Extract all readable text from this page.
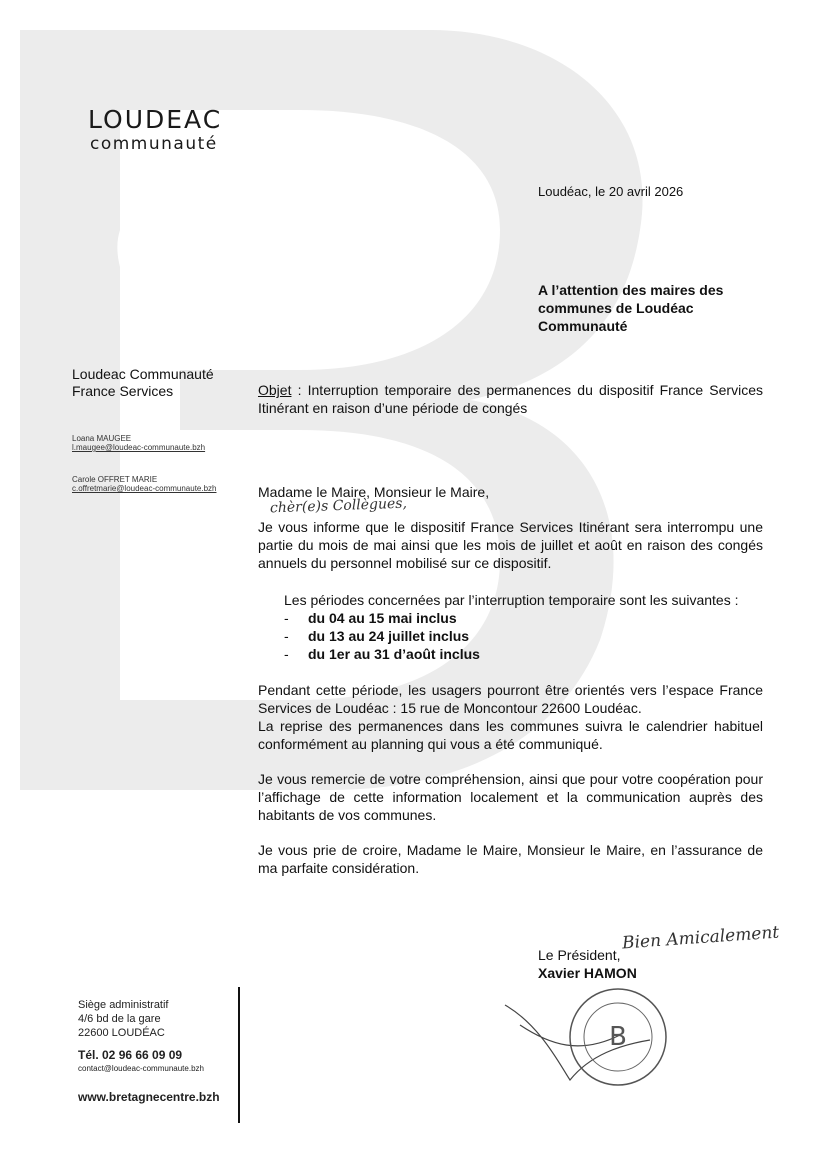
LOUDEAC
communauté
Loudéac, le 20 avril 2026
A l’attention des maires des
communes de Loudéac
Communauté
Loudeac Communauté
France Services
Loana MAUGEE
l.maugee@loudeac-communaute.bzh
Carole OFFRET MARIE
c.offretmarie@loudeac-communaute.bzh
Objet : Interruption temporaire des permanences du dispositif France Services Itinérant en raison d’une période de congés
Madame le Maire, Monsieur le Maire,
chèr(e)s Collègues,
Je vous informe que le dispositif France Services Itinérant sera interrompu une partie du mois de mai ainsi que les mois de juillet et août en raison des congés annuels du personnel mobilisé sur ce dispositif.
Les périodes concernées par l’interruption temporaire sont les suivantes :
- du 04 au 15 mai inclus
- du 13 au 24 juillet inclus
- du 1er au 31 d’août inclus
Pendant cette période, les usagers pourront être orientés vers l’espace France Services de Loudéac : 15 rue de Moncontour 22600 Loudéac.
La reprise des permanences dans les communes suivra le calendrier habituel conformément au planning qui vous a été communiqué.
Je vous remercie de votre compréhension, ainsi que pour votre coopération pour l’affichage de cette information localement et la communication auprès des habitants de vos communes.
Je vous prie de croire, Madame le Maire, Monsieur le Maire, en l’assurance de ma parfaite considération.
Bien Amicalement
Le Président,
Xavier HAMON
B
Siège administratif
4/6 bd de la gare
22600 LOUDÉAC
Tél. 02 96 66 09 09
contact@loudeac-communaute.bzh
www.bretagnecentre.bzh
